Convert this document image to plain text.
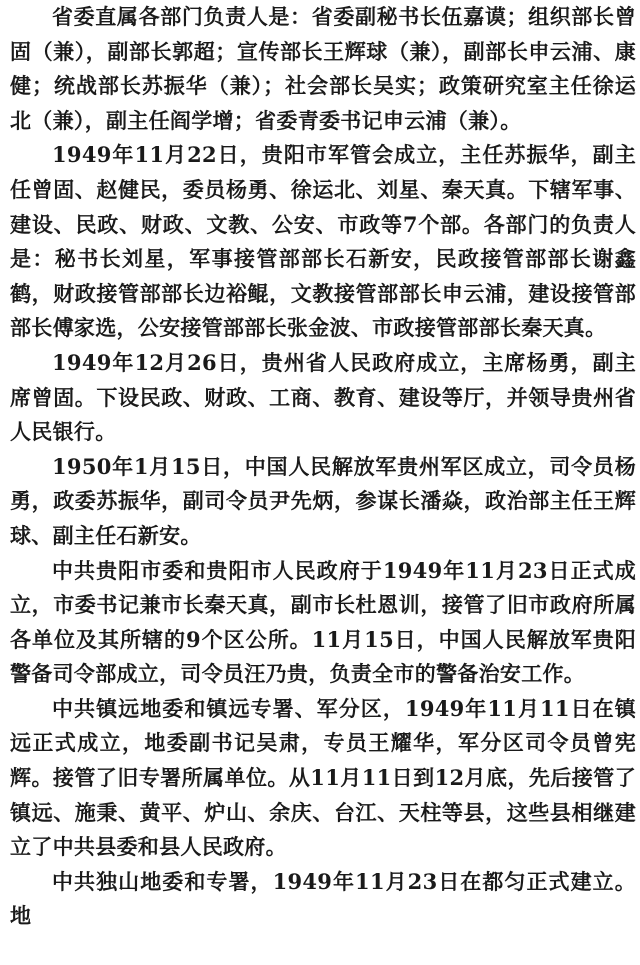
省委直属各部门负责人是：省委副秘书长伍嘉谟；组织部长曾固（兼），副部长郭超；宣传部长王辉球（兼），副部长申云浦、康健；统战部长苏振华（兼）；社会部长吴实；政策研究室主任徐运北（兼），副主任阎学增；省委青委书记申云浦（兼）。

1949年11月22日，贵阳市军管会成立，主任苏振华，副主任曾固、赵健民，委员杨勇、徐运北、刘星、秦天真。下辖军事、建设、民政、财政、文教、公安、市政等7个部。各部门的负责人是：秘书长刘星，军事接管部部长石新安，民政接管部部长谢鑫鹤，财政接管部部长边裕鲲，文教接管部部长申云浦，建设接管部部长傅家选，公安接管部部长张金波、市政接管部部长秦天真。

1949年12月26日，贵州省人民政府成立，主席杨勇，副主席曾固。下设民政、财政、工商、教育、建设等厅，并领导贵州省人民银行。

1950年1月15日，中国人民解放军贵州军区成立，司令员杨勇，政委苏振华，副司令员尹先炳，参谋长潘焱，政治部主任王辉球、副主任石新安。

中共贵阳市委和贵阳市人民政府于1949年11月23日正式成立，市委书记兼市长秦天真，副市长杜恩训，接管了旧市政府所属各单位及其所辖的9个区公所。11月15日，中国人民解放军贵阳警备司令部成立，司令员汪乃贵，负责全市的警备治安工作。

中共镇远地委和镇远专署、军分区，1949年11月11日在镇远正式成立，地委副书记吴肃，专员王耀华，军分区司令员曾宪辉。接管了旧专署所属单位。从11月11日到12月底，先后接管了镇远、施秉、黄平、炉山、余庆、台江、天柱等县，这些县相继建立了中共县委和县人民政府。

中共独山地委和专署，1949年11月23日在都匀正式建立。地
